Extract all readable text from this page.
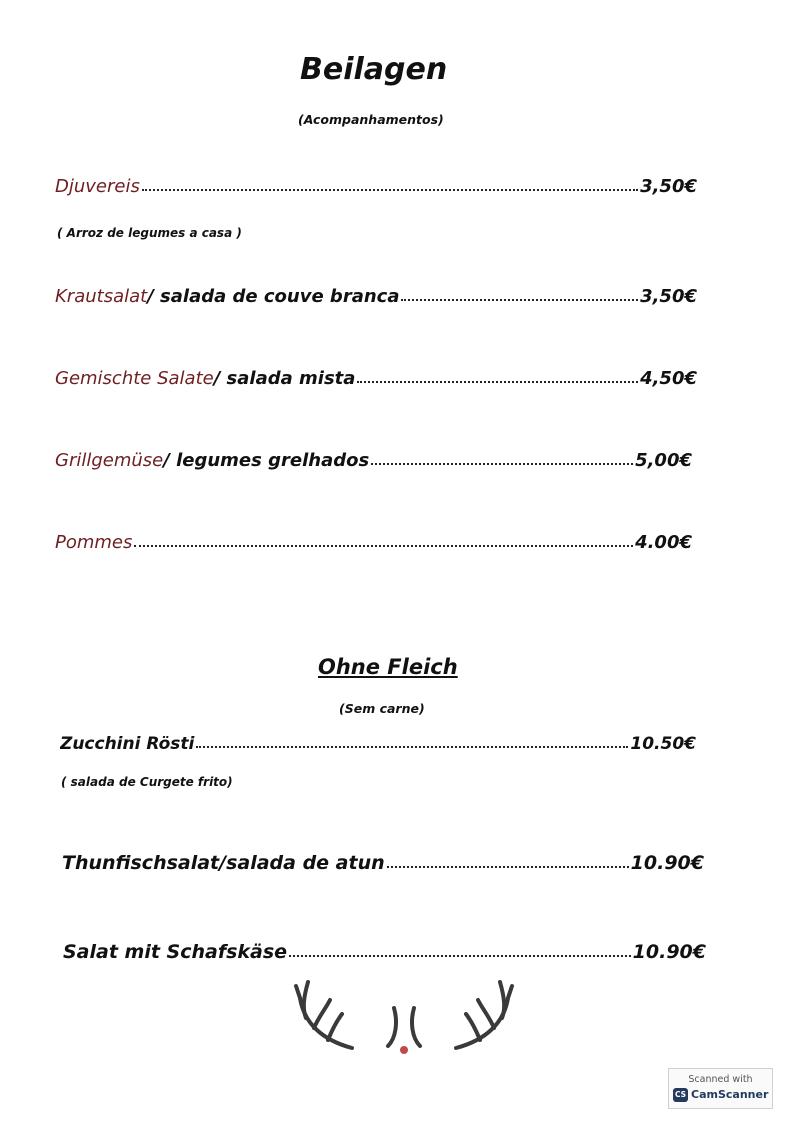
Beilagen
(Acompanhamentos)
Djuvereis	3,50€
( Arroz de legumes a casa )
Krautsalat / salada de couve branca	3,50€
Gemischte Salate / salada mista	4,50€
Grillgemüse / legumes grelhados	5,00€
Pommes	4.00€
Ohne Fleich
(Sem carne)
Zucchini Rösti	10.50€
( salada de Curgete frito)
Thunfischsalat/salada de atun	10.90€
Salat mit Schafskäse	10.90€
Scanned with
CS CamScanner
